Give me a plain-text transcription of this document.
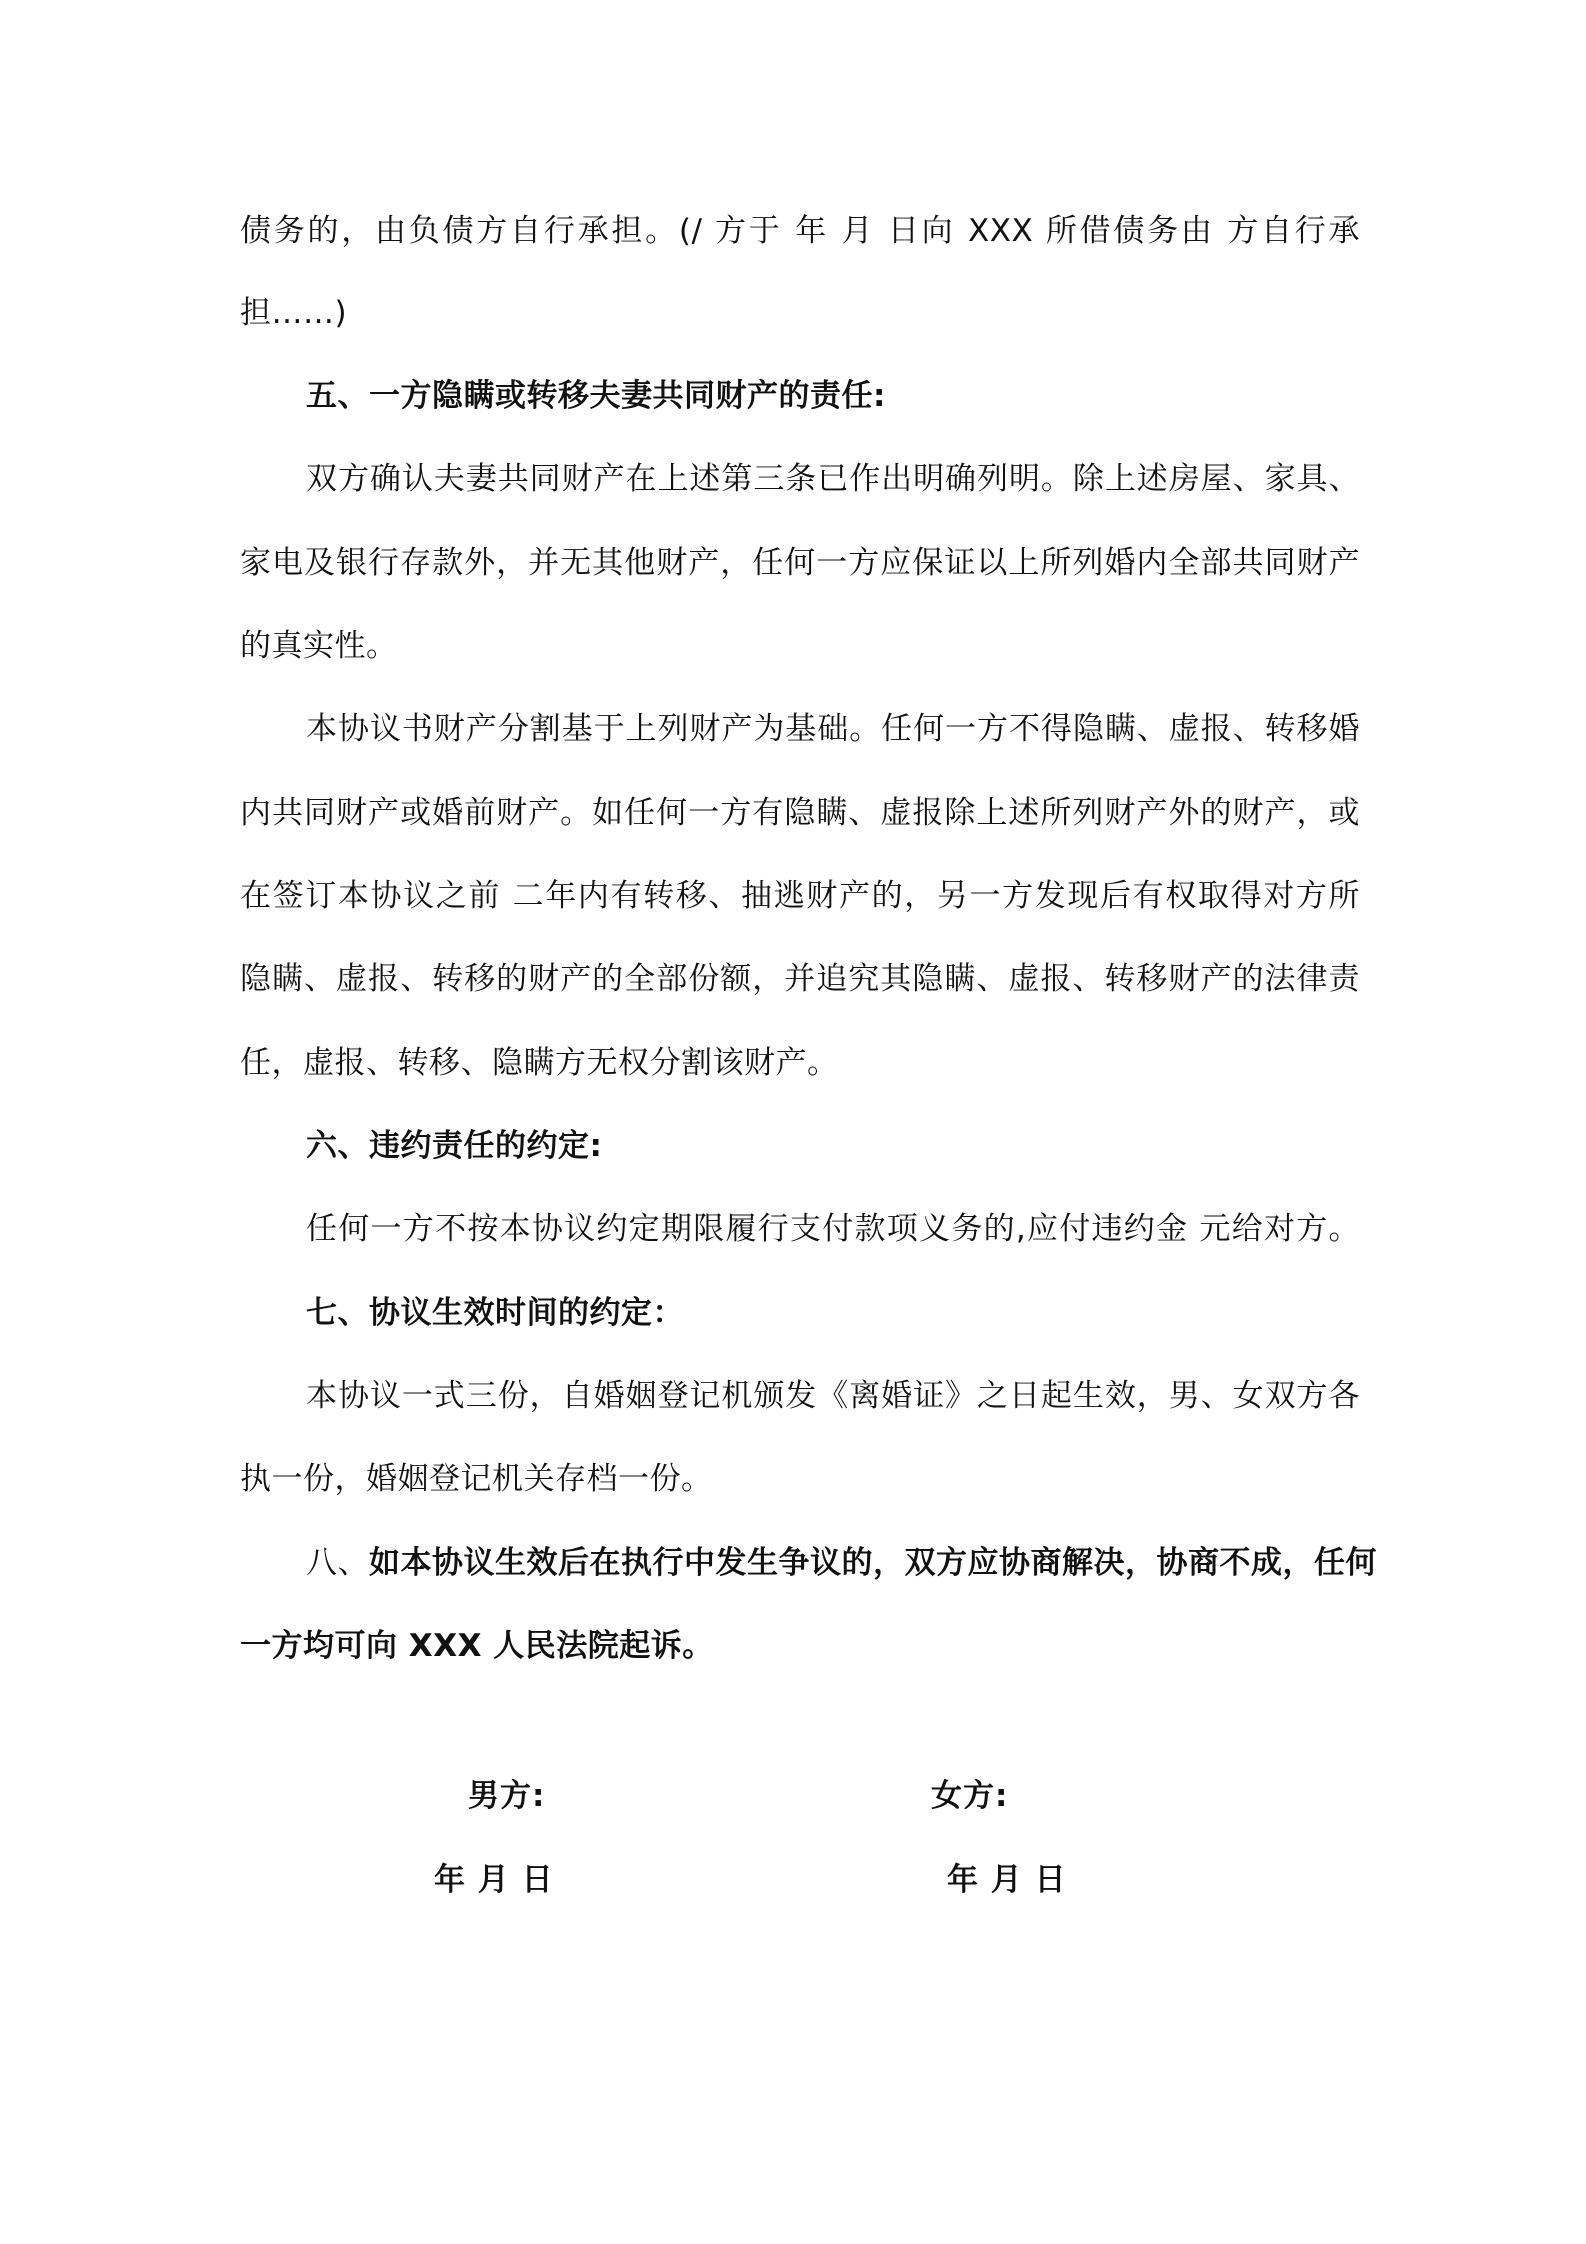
债务的，由负债方自行承担。(/ 方于 年 月 日向 XXX 所借债务由 方自行承
担……)
五、一方隐瞒或转移夫妻共同财产的责任:
双方确认夫妻共同财产在上述第三条已作出明确列明。除上述房屋、家具、
家电及银行存款外，并无其他财产，任何一方应保证以上所列婚内全部共同财产
的真实性。
本协议书财产分割基于上列财产为基础。任何一方不得隐瞒、虚报、转移婚
内共同财产或婚前财产。如任何一方有隐瞒、虚报除上述所列财产外的财产，或
在签订本协议之前 二年内有转移、抽逃财产的，另一方发现后有权取得对方所
隐瞒、虚报、转移的财产的全部份额，并追究其隐瞒、虚报、转移财产的法律责
任，虚报、转移、隐瞒方无权分割该财产。
六、违约责任的约定:
任何一方不按本协议约定期限履行支付款项义务的,应付违约金 元给对方。
七、协议生效时间的约定：
本协议一式三份，自婚姻登记机颁发《离婚证》之日起生效，男、女双方各
执一份，婚姻登记机关存档一份。
八、如本协议生效后在执行中发生争议的，双方应协商解决，协商不成，任何
一方均可向 XXX 人民法院起诉。
男方:	女方:
年 月 日	年 月 日
